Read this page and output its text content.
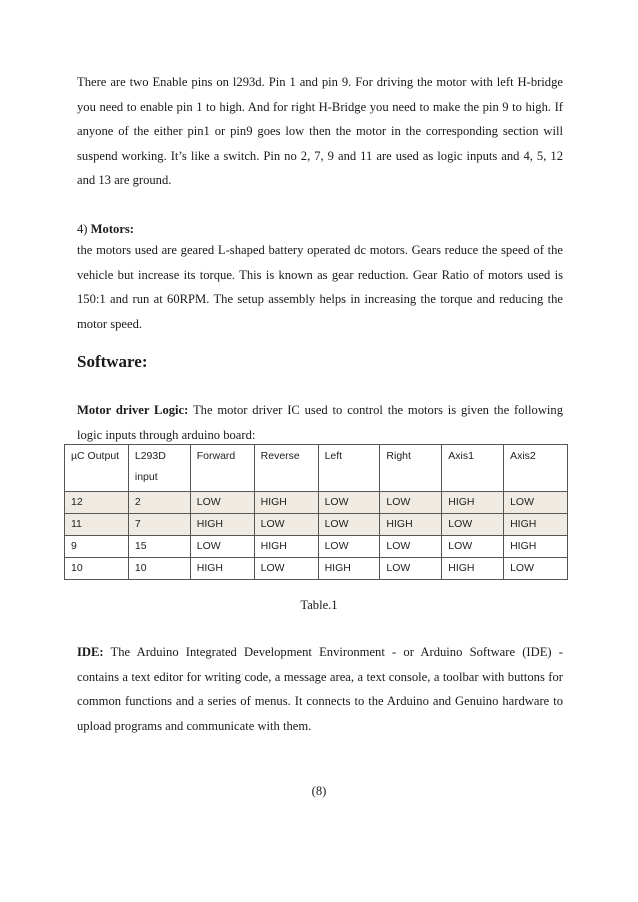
There are two Enable pins on l293d. Pin 1 and pin 9. For driving the motor with left H-bridge you need to enable pin 1 to high. And for right H-Bridge you need to make the pin 9 to high. If anyone of the either pin1 or pin9 goes low then the motor in the corresponding section will suspend working. It’s like a switch. Pin no 2, 7, 9 and 11 are used as logic inputs and 4, 5, 12 and 13 are ground.

4) Motors:

the motors used are geared L-shaped battery operated dc motors. Gears reduce the speed of the vehicle but increase its torque. This is known as gear reduction. Gear Ratio of motors used is 150:1 and run at 60RPM. The setup assembly helps in increasing the torque and reducing the motor speed.

Software:

Motor driver Logic: The motor driver IC used to control the motors is given the following logic inputs through arduino board:

µC Output	L293D input	Forward	Reverse	Left	Right	Axis1	Axis2
12	2	LOW	HIGH	LOW	LOW	HIGH	LOW
11	7	HIGH	LOW	LOW	HIGH	LOW	HIGH
9	15	LOW	HIGH	LOW	LOW	LOW	HIGH
10	10	HIGH	LOW	HIGH	LOW	HIGH	LOW

Table.1

IDE: The Arduino Integrated Development Environment - or Arduino Software (IDE) - contains a text editor for writing code, a message area, a text console, a toolbar with buttons for common functions and a series of menus. It connects to the Arduino and Genuino hardware to upload programs and communicate with them.

(8)
